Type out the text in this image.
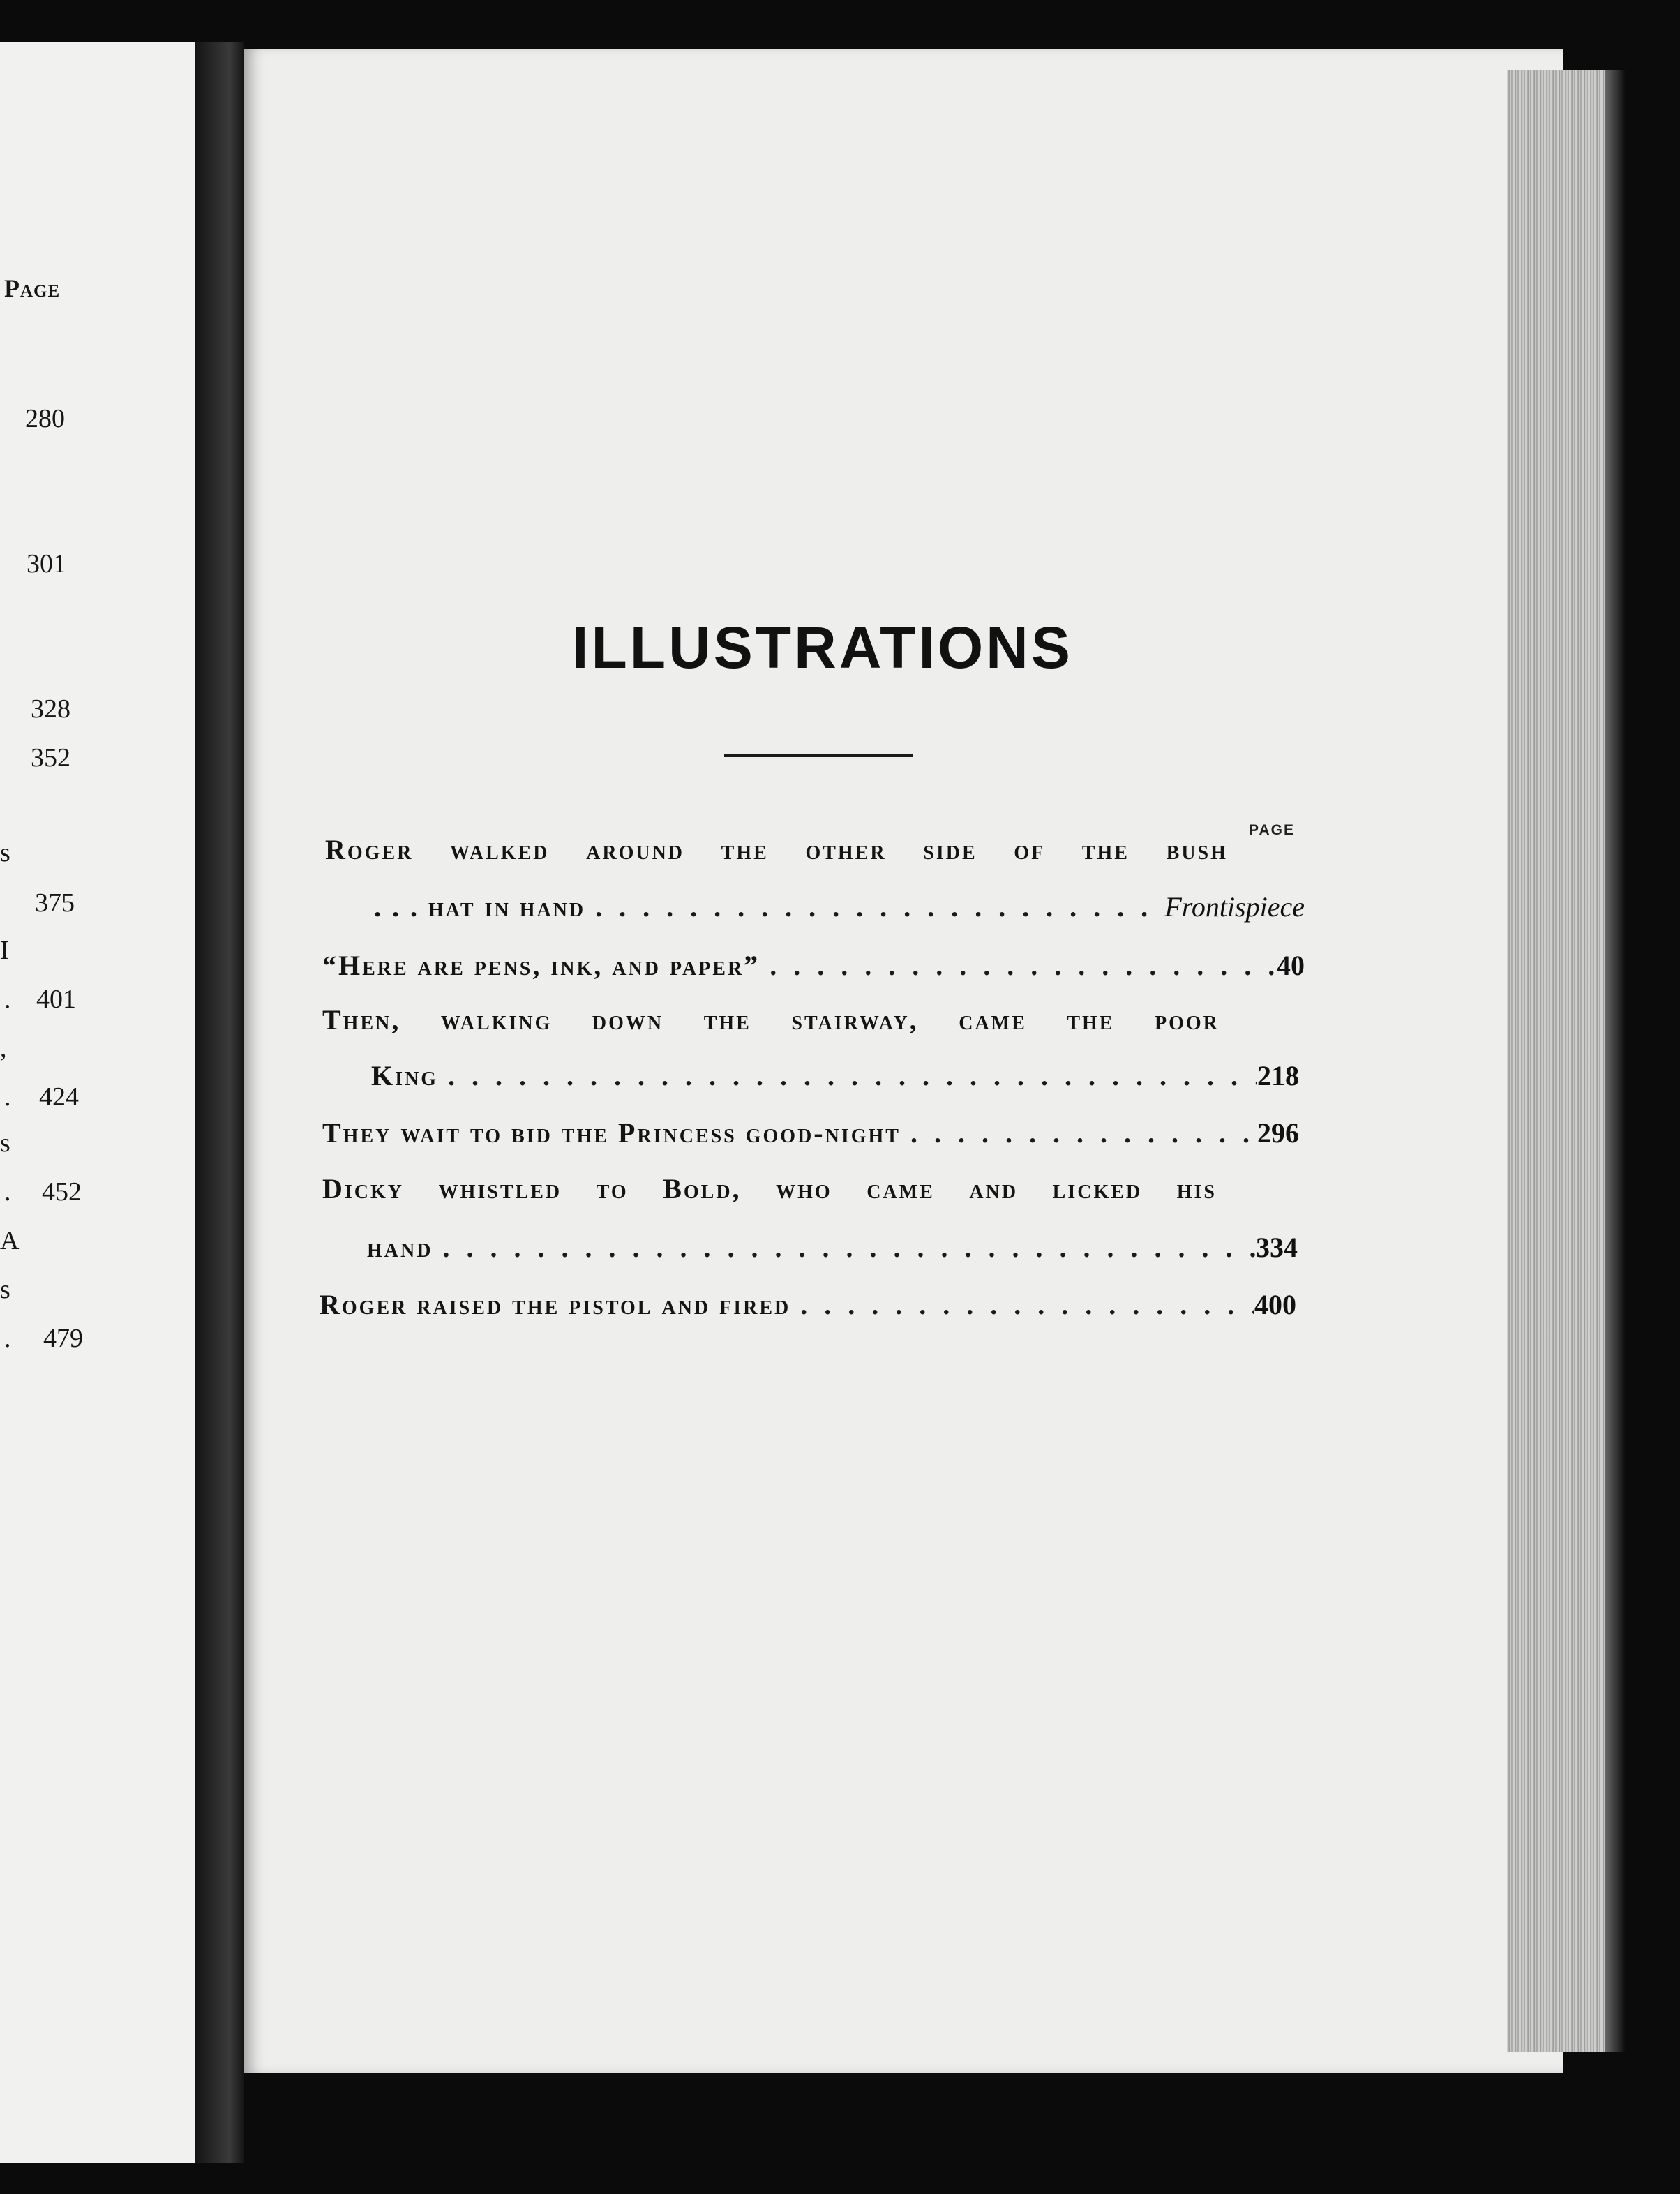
Page
280
301
328
352
s
375
I
. 401
,
. 424
s
. 452
A
s
. 479
ILLUSTRATIONS
PAGE
Roger walked around the other side of the bush
. . . hat in hand . . .	Frontispiece
“Here are pens, ink, and paper” . . .	40
Then, walking down the stairway, came the poor
King . . .	218
They wait to bid the Princess good-night . . .	296
Dicky whistled to Bold, who came and licked his
hand . . .	334
Roger raised the pistol and fired . . .	400
